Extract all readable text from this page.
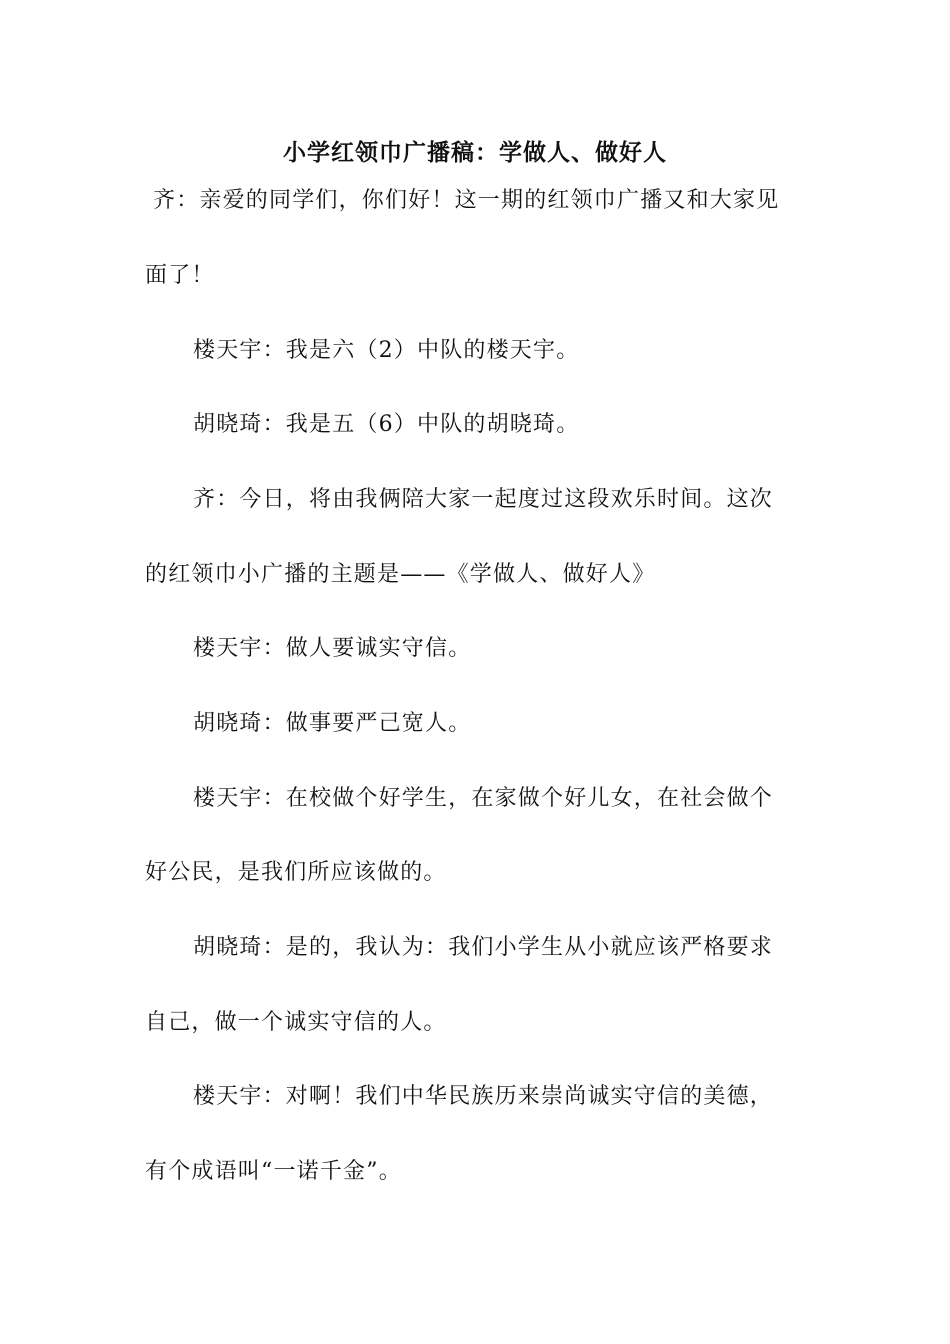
小学红领巾广播稿：学做人、做好人
齐：亲爱的同学们，你们好！这一期的红领巾广播又和大家见
面了！
楼天宇：我是六（2）中队的楼天宇。
胡晓琦：我是五（6）中队的胡晓琦。
齐：今日，将由我俩陪大家一起度过这段欢乐时间。这次
的红领巾小广播的主题是——《学做人、做好人》
楼天宇：做人要诚实守信。
胡晓琦：做事要严己宽人。
楼天宇：在校做个好学生，在家做个好儿女，在社会做个
好公民，是我们所应该做的。
胡晓琦：是的，我认为：我们小学生从小就应该严格要求
自己，做一个诚实守信的人。
楼天宇：对啊！我们中华民族历来崇尚诚实守信的美德，
有个成语叫“一诺千金”。
